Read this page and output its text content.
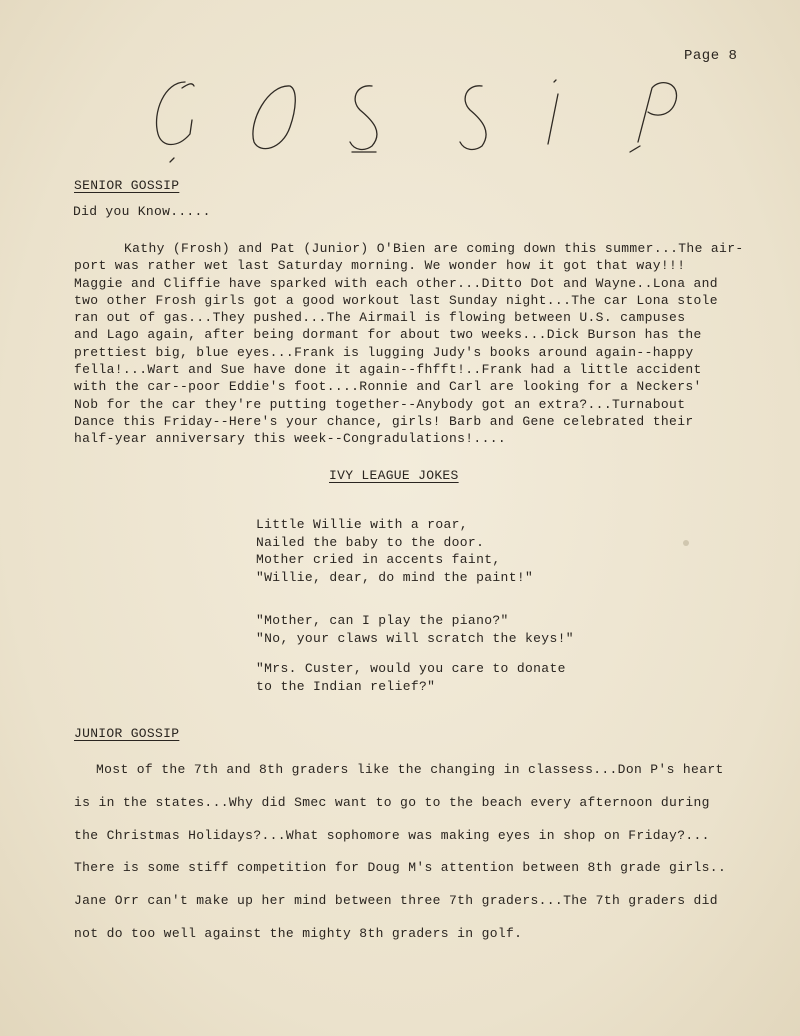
Page 8
GOSSIP
SENIOR GOSSIP
Did you Know.....
Kathy (Frosh) and Pat (Junior) O'Bien are coming down this summer...The air-
port was rather wet last Saturday morning. We wonder how it got that way!!!
Maggie and Cliffie have sparked with each other...Ditto Dot and Wayne..Lona and
two other Frosh girls got a good workout last Sunday night...The car Lona stole
ran out of gas...They pushed...The Airmail is flowing between U.S. campuses
and Lago again, after being dormant for about two weeks...Dick Burson has the
prettiest big, blue eyes...Frank is lugging Judy's books around again--happy
fella!...Wart and Sue have done it again--fhfft!..Frank had a little accident
with the car--poor Eddie's foot....Ronnie and Carl are looking for a Neckers'
Nob for the car they're putting together--Anybody got an extra?...Turnabout
Dance this Friday--Here's your chance, girls! Barb and Gene celebrated their
half-year anniversary this week--Congradulations!....
IVY LEAGUE JOKES
Little Willie with a roar,
Nailed the baby to the door.
Mother cried in accents faint,
"Willie, dear, do mind the paint!"
"Mother, can I play the piano?"
"No, your claws will scratch the keys!"
"Mrs. Custer, would you care to donate
to the Indian relief?"
JUNIOR GOSSIP
Most of the 7th and 8th graders like the changing in classess...Don P's heart
is in the states...Why did Smec want to go to the beach every afternoon during
the Christmas Holidays?...What sophomore was making eyes in shop on Friday?...
There is some stiff competition for Doug M's attention between 8th grade girls..
Jane Orr can't make up her mind between three 7th graders...The 7th graders did
not do too well against the mighty 8th graders in golf.
